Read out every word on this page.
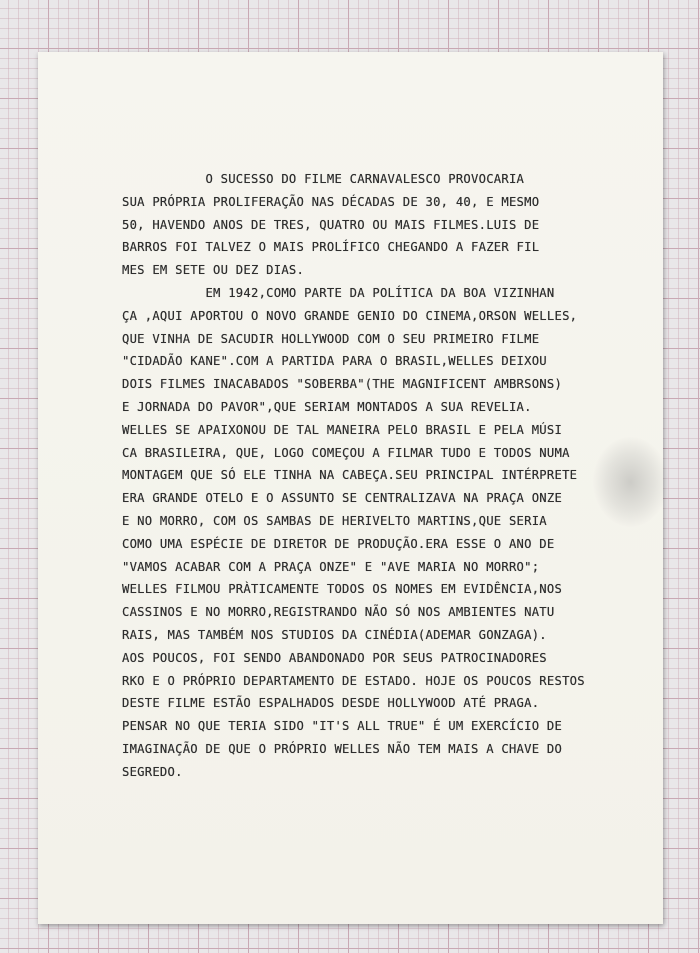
O SUCESSO DO FILME CARNAVALESCO PROVOCARIA
SUA PRÓPRIA PROLIFERAÇÃO NAS DÉCADAS DE 30, 40, E MESMO
50, HAVENDO ANOS DE TRES, QUATRO OU MAIS FILMES.LUIS DE
BARROS FOI TALVEZ O MAIS PROLÍFICO CHEGANDO A FAZER FIL
MES EM SETE OU DEZ DIAS.
EM 1942,COMO PARTE DA POLÍTICA DA BOA VIZINHAN
ÇA ,AQUI APORTOU O NOVO GRANDE GENIO DO CINEMA,ORSON WELLES,
QUE VINHA DE SACUDIR HOLLYWOOD COM O SEU PRIMEIRO FILME
"CIDADÃO KANE".COM A PARTIDA PARA O BRASIL,WELLES DEIXOU
DOIS FILMES INACABADOS "SOBERBA"(THE MAGNIFICENT AMBRSONS)
E JORNADA DO PAVOR",QUE SERIAM MONTADOS A SUA REVELIA.
WELLES SE APAIXONOU DE TAL MANEIRA PELO BRASIL E PELA MÚSI
CA BRASILEIRA, QUE, LOGO COMEÇOU A FILMAR TUDO E TODOS NUMA
MONTAGEM QUE SÓ ELE TINHA NA CABEÇA.SEU PRINCIPAL INTÉRPRETE
ERA GRANDE OTELO E O ASSUNTO SE CENTRALIZAVA NA PRAÇA ONZE
E NO MORRO, COM OS SAMBAS DE HERIVELTO MARTINS,QUE SERIA
COMO UMA ESPÉCIE DE DIRETOR DE PRODUÇÃO.ERA ESSE O ANO DE
"VAMOS ACABAR COM A PRAÇA ONZE" E "AVE MARIA NO MORRO";
WELLES FILMOU PRÀTICAMENTE TODOS OS NOMES EM EVIDÊNCIA,NOS
CASSINOS E NO MORRO,REGISTRANDO NÃO SÓ NOS AMBIENTES NATU
RAIS, MAS TAMBÉM NOS STUDIOS DA CINÉDIA(ADEMAR GONZAGA).
AOS POUCOS, FOI SENDO ABANDONADO POR SEUS PATROCINADORES
RKO E O PRÓPRIO DEPARTAMENTO DE ESTADO. HOJE OS POUCOS RESTOS
DESTE FILME ESTÃO ESPALHADOS DESDE HOLLYWOOD ATÉ PRAGA.
PENSAR NO QUE TERIA SIDO "IT'S ALL TRUE" É UM EXERCÍCIO DE
IMAGINAÇÃO DE QUE O PRÓPRIO WELLES NÃO TEM MAIS A CHAVE DO
SEGREDO.
